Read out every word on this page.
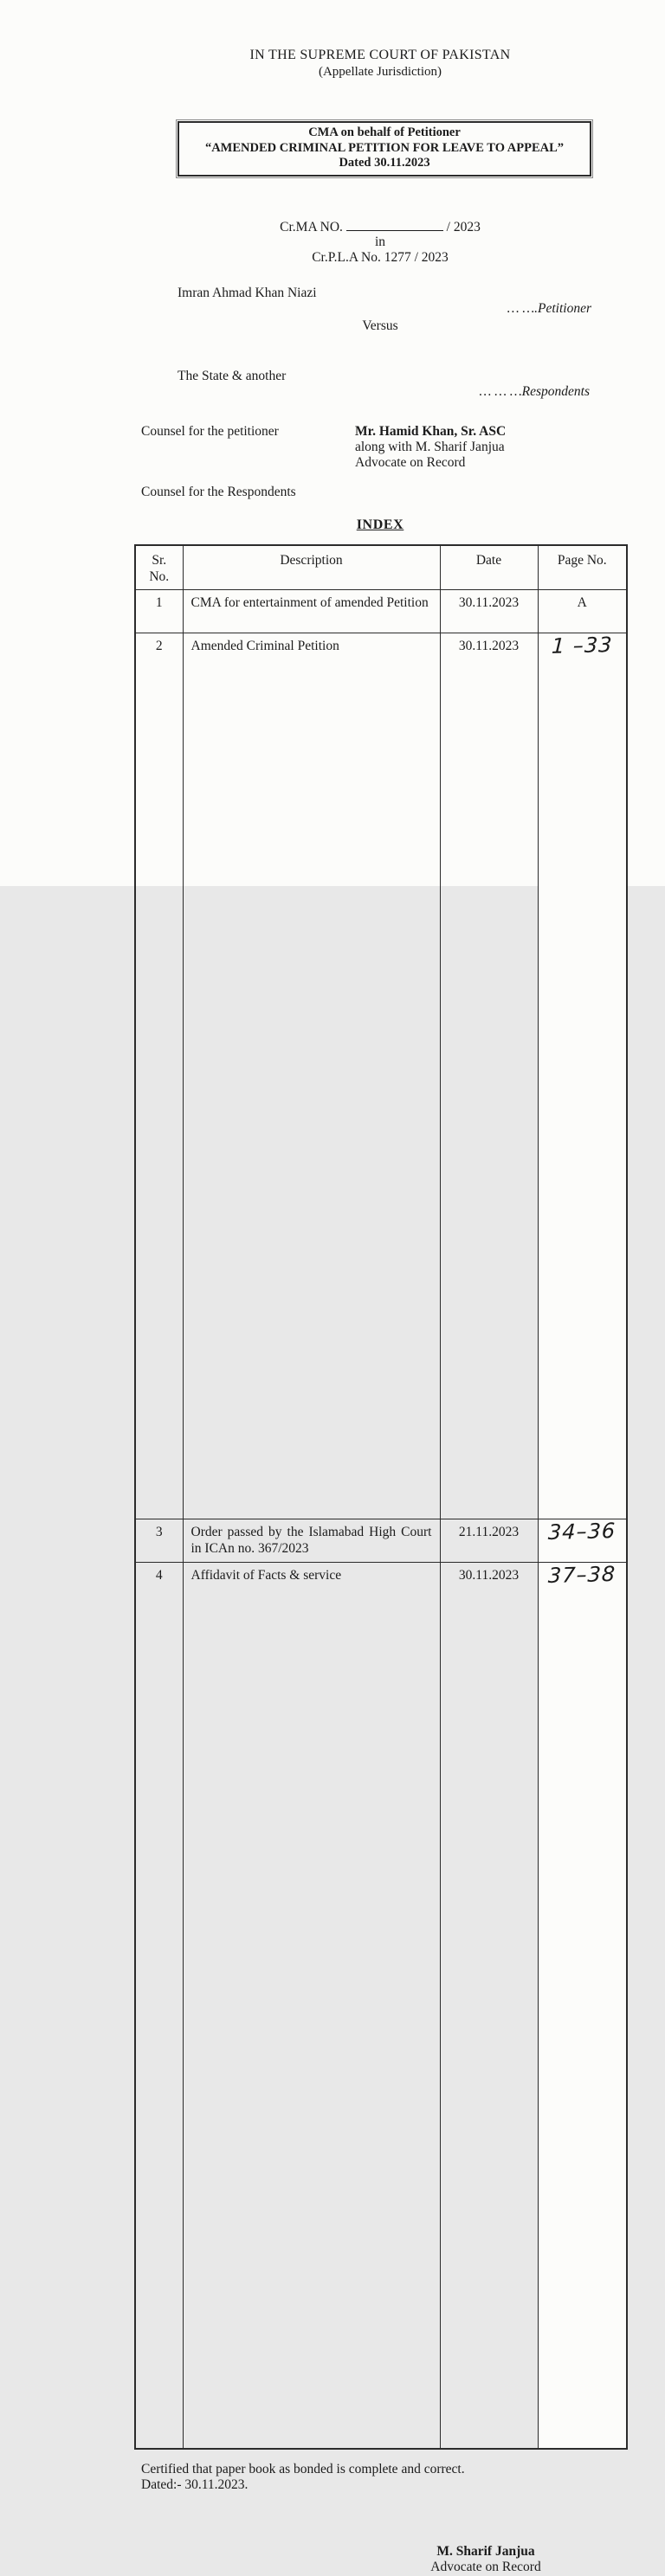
IN THE SUPREME COURT OF PAKISTAN
(Appellate Jurisdiction)
CMA on behalf of Petitioner
“AMENDED CRIMINAL PETITION FOR LEAVE TO APPEAL”
Dated 30.11.2023
Cr.MA NO.	/ 2023
in
Cr.P.L.A No. 1277 / 2023
Imran Ahmad Khan Niazi
… ….Petitioner
Versus
The State & another
… … …Respondents
Counsel for the petitioner	Mr. Hamid Khan, Sr. ASC
along with M. Sharif Janjua
Advocate on Record
Counsel for the Respondents
INDEX
Sr. No.	Description	Date	Page No.
1	CMA for entertainment of amended Petition	30.11.2023	A
2	Amended Criminal Petition	30.11.2023	1 –33
3	Order passed by the Islamabad High Court in ICAn no. 367/2023	21.11.2023	34–36
4	Affidavit of Facts & service	30.11.2023	37–38
Certified that paper book as bonded is complete and correct.
Dated:- 30.11.2023.
M. Sharif Janjua
Advocate on Record
